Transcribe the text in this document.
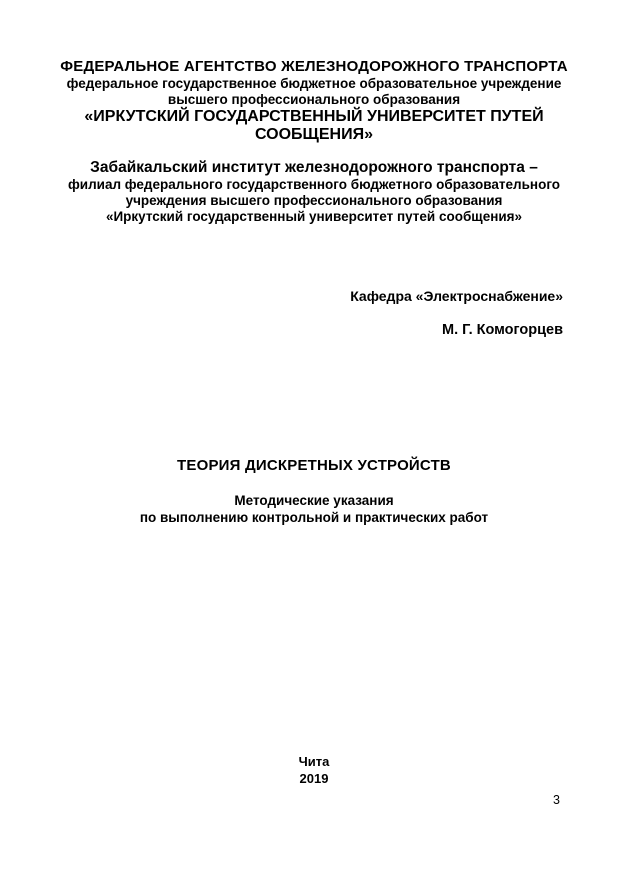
ФЕДЕРАЛЬНОЕ АГЕНТСТВО ЖЕЛЕЗНОДОРОЖНОГО ТРАНСПОРТА
федеральное государственное бюджетное образовательное учреждение
высшего профессионального образования
«ИРКУТСКИЙ ГОСУДАРСТВЕННЫЙ УНИВЕРСИТЕТ ПУТЕЙ
СООБЩЕНИЯ»
Забайкальский институт железнодорожного транспорта –
филиал федерального государственного бюджетного образовательного
учреждения высшего профессионального образования
«Иркутский государственный университет путей сообщения»
Кафедра «Электроснабжение»
М. Г. Комогорцев
ТЕОРИЯ ДИСКРЕТНЫХ УСТРОЙСТВ
Методические указания
по выполнению контрольной и практических работ
Чита
2019
3
